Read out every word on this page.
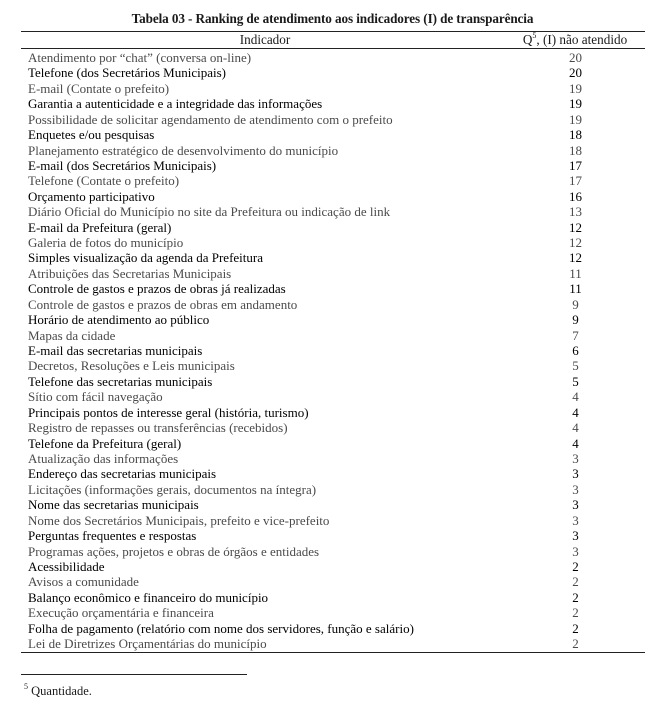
Tabela 03 - Ranking de atendimento aos indicadores (I) de transparência
Indicador	$Q^5$, (I) não atendido
Atendimento por “chat” (conversa on-line)	20
Telefone (dos Secretários Municipais)	20
E-mail (Contate o prefeito)	19
Garantia a autenticidade e a integridade das informações	19
Possibilidade de solicitar agendamento de atendimento com o prefeito	19
Enquetes e/ou pesquisas	18
Planejamento estratégico de desenvolvimento do município	18
E-mail (dos Secretários Municipais)	17
Telefone (Contate o prefeito)	17
Orçamento participativo	16
Diário Oficial do Município no site da Prefeitura ou indicação de link	13
E-mail da Prefeitura (geral)	12
Galeria de fotos do município	12
Simples visualização da agenda da Prefeitura	12
Atribuições das Secretarias Municipais	11
Controle de gastos e prazos de obras já realizadas	11
Controle de gastos e prazos de obras em andamento	9
Horário de atendimento ao público	9
Mapas da cidade	7
E-mail das secretarias municipais	6
Decretos, Resoluções e Leis municipais	5
Telefone das secretarias municipais	5
Sítio com fácil navegação	4
Principais pontos de interesse geral (história, turismo)	4
Registro de repasses ou transferências (recebidos)	4
Telefone da Prefeitura (geral)	4
Atualização das informações	3
Endereço das secretarias municipais	3
Licitações (informações gerais, documentos na íntegra)	3
Nome das secretarias municipais	3
Nome dos Secretários Municipais, prefeito e vice-prefeito	3
Perguntas frequentes e respostas	3
Programas ações, projetos e obras de órgãos e entidades	3
Acessibilidade	2
Avisos a comunidade	2
Balanço econômico e financeiro do município	2
Execução orçamentária e financeira	2
Folha de pagamento (relatório com nome dos servidores, função e salário)	2
Lei de Diretrizes Orçamentárias do município	2
$^5$ Quantidade.
